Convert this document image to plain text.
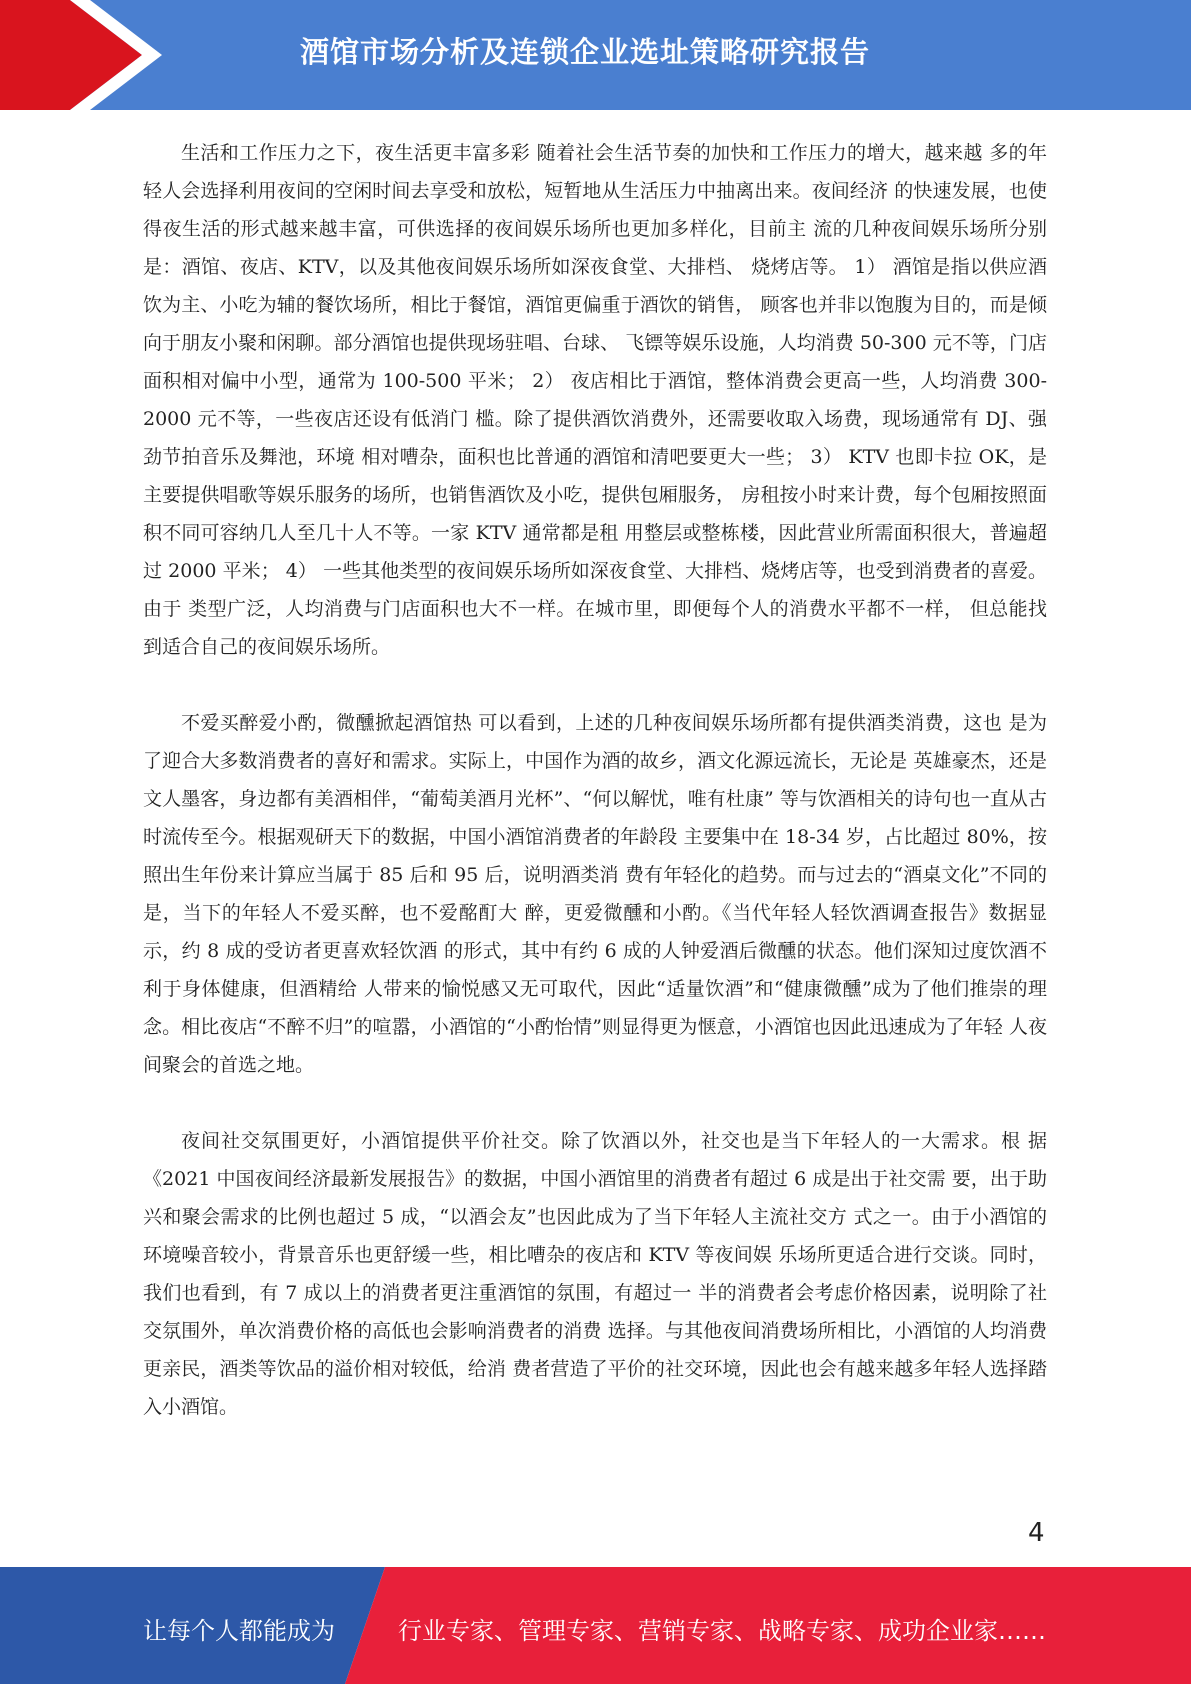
酒馆市场分析及连锁企业选址策略研究报告

生活和工作压力之下，夜生活更丰富多彩 随着社会生活节奏的加快和工作压力的增大，越来越 多的年轻人会选择利用夜间的空闲时间去享受和放松，短暂地从生活压力中抽离出来。夜间经济 的快速发展，也使得夜生活的形式越来越丰富，可供选择的夜间娱乐场所也更加多样化，目前主 流的几种夜间娱乐场所分别是：酒馆、夜店、KTV，以及其他夜间娱乐场所如深夜食堂、大排档、 烧烤店等。 1） 酒馆是指以供应酒饮为主、小吃为辅的餐饮场所，相比于餐馆，酒馆更偏重于酒饮的销售， 顾客也并非以饱腹为目的，而是倾向于朋友小聚和闲聊。部分酒馆也提供现场驻唱、台球、 飞镖等娱乐设施，人均消费 50-300 元不等，门店面积相对偏中小型，通常为 100-500 平米； 2） 夜店相比于酒馆，整体消费会更高一些，人均消费 300-2000 元不等，一些夜店还设有低消门 槛。除了提供酒饮消费外，还需要收取入场费，现场通常有 DJ、强劲节拍音乐及舞池，环境 相对嘈杂，面积也比普通的酒馆和清吧要更大一些； 3） KTV 也即卡拉 OK，是主要提供唱歌等娱乐服务的场所，也销售酒饮及小吃，提供包厢服务， 房租按小时来计费，每个包厢按照面积不同可容纳几人至几十人不等。一家 KTV 通常都是租 用整层或整栋楼，因此营业所需面积很大，普遍超过 2000 平米； 4） 一些其他类型的夜间娱乐场所如深夜食堂、大排档、烧烤店等，也受到消费者的喜爱。由于 类型广泛，人均消费与门店面积也大不一样。在城市里，即便每个人的消费水平都不一样， 但总能找到适合自己的夜间娱乐场所。

不爱买醉爱小酌，微醺掀起酒馆热 可以看到，上述的几种夜间娱乐场所都有提供酒类消费，这也 是为了迎合大多数消费者的喜好和需求。实际上，中国作为酒的故乡，酒文化源远流长，无论是 英雄豪杰，还是文人墨客，身边都有美酒相伴，“葡萄美酒月光杯”、“何以解忧，唯有杜康” 等与饮酒相关的诗句也一直从古时流传至今。根据观研天下的数据，中国小酒馆消费者的年龄段 主要集中在 18-34 岁，占比超过 80%，按照出生年份来计算应当属于 85 后和 95 后，说明酒类消 费有年轻化的趋势。而与过去的“酒桌文化”不同的是，当下的年轻人不爱买醉，也不爱酩酊大 醉，更爱微醺和小酌。《当代年轻人轻饮酒调查报告》数据显示，约 8 成的受访者更喜欢轻饮酒 的形式，其中有约 6 成的人钟爱酒后微醺的状态。他们深知过度饮酒不利于身体健康，但酒精给 人带来的愉悦感又无可取代，因此“适量饮酒”和“健康微醺”成为了他们推崇的理念。相比夜店“不醉不归”的喧嚣，小酒馆的“小酌怡情”则显得更为惬意，小酒馆也因此迅速成为了年轻 人夜间聚会的首选之地。

夜间社交氛围更好，小酒馆提供平价社交。除了饮酒以外，社交也是当下年轻人的一大需求。根 据《2021 中国夜间经济最新发展报告》的数据，中国小酒馆里的消费者有超过 6 成是出于社交需 要，出于助兴和聚会需求的比例也超过 5 成，“以酒会友”也因此成为了当下年轻人主流社交方 式之一。由于小酒馆的环境噪音较小，背景音乐也更舒缓一些，相比嘈杂的夜店和 KTV 等夜间娱 乐场所更适合进行交谈。同时，我们也看到，有 7 成以上的消费者更注重酒馆的氛围，有超过一 半的消费者会考虑价格因素，说明除了社交氛围外，单次消费价格的高低也会影响消费者的消费 选择。与其他夜间消费场所相比，小酒馆的人均消费更亲民，酒类等饮品的溢价相对较低，给消 费者营造了平价的社交环境，因此也会有越来越多年轻人选择踏入小酒馆。

4
让每个人都能成为	行业专家、管理专家、营销专家、战略专家、成功企业家……
